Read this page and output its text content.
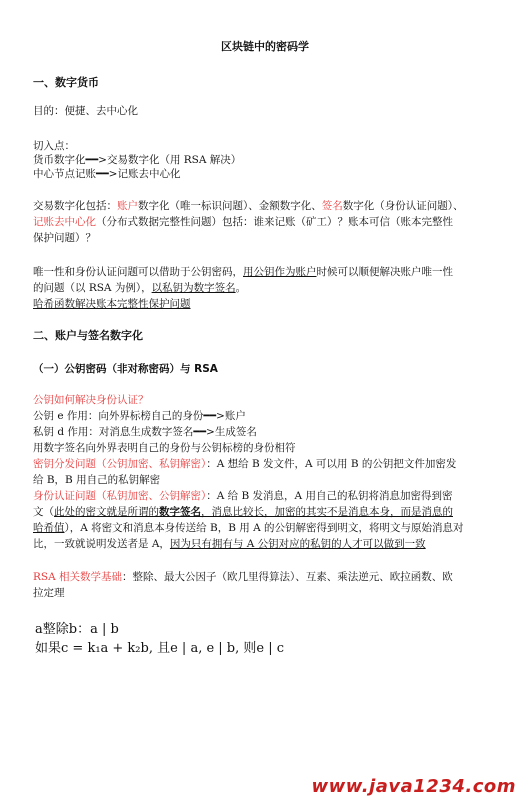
区块链中的密码学
一、数字货币
目的：便捷、去中心化
切入点：
货币数字化━━>交易数字化（用 RSA 解决）
中心节点记账━━>记账去中心化
交易数字化包括：账户数字化（唯一标识问题）、金额数字化、签名数字化（身份认证问题）、
记账去中心化（分布式数据完整性问题）包括：谁来记账（矿工）？账本可信（账本完整性
保护问题）？
唯一性和身份认证问题可以借助于公钥密码，用公钥作为账户时候可以顺便解决账户唯一性
的问题（以 RSA 为例），以私钥为数字签名。
哈希函数解决账本完整性保护问题
二、账户与签名数字化
（一）公钥密码（非对称密码）与 RSA
公钥如何解决身份认证？
公钥 e 作用：向外界标榜自己的身份━━>账户
私钥 d 作用：对消息生成数字签名━━>生成签名
用数字签名向外界表明自己的身份与公钥标榜的身份相符
密钥分发问题（公钥加密、私钥解密）：A 想给 B 发文件，A 可以用 B 的公钥把文件加密发
给 B，B 用自己的私钥解密
身份认证问题（私钥加密、公钥解密）：A 给 B 发消息，A 用自己的私钥将消息加密得到密
文（此处的密文就是所谓的数字签名，消息比较长，加密的其实不是消息本身，而是消息的
哈希值），A 将密文和消息本身传送给 B，B 用 A 的公钥解密得到明文，将明文与原始消息对
比，一致就说明发送者是 A，因为只有拥有与 A 公钥对应的私钥的人才可以做到一致
RSA 相关数学基础：整除、最大公因子（欧几里得算法）、互素、乘法逆元、欧拉函数、欧
拉定理
a整除b：a | b
如果c = k₁a + k₂b, 且e | a, e | b, 则e | c
www.java1234.com
